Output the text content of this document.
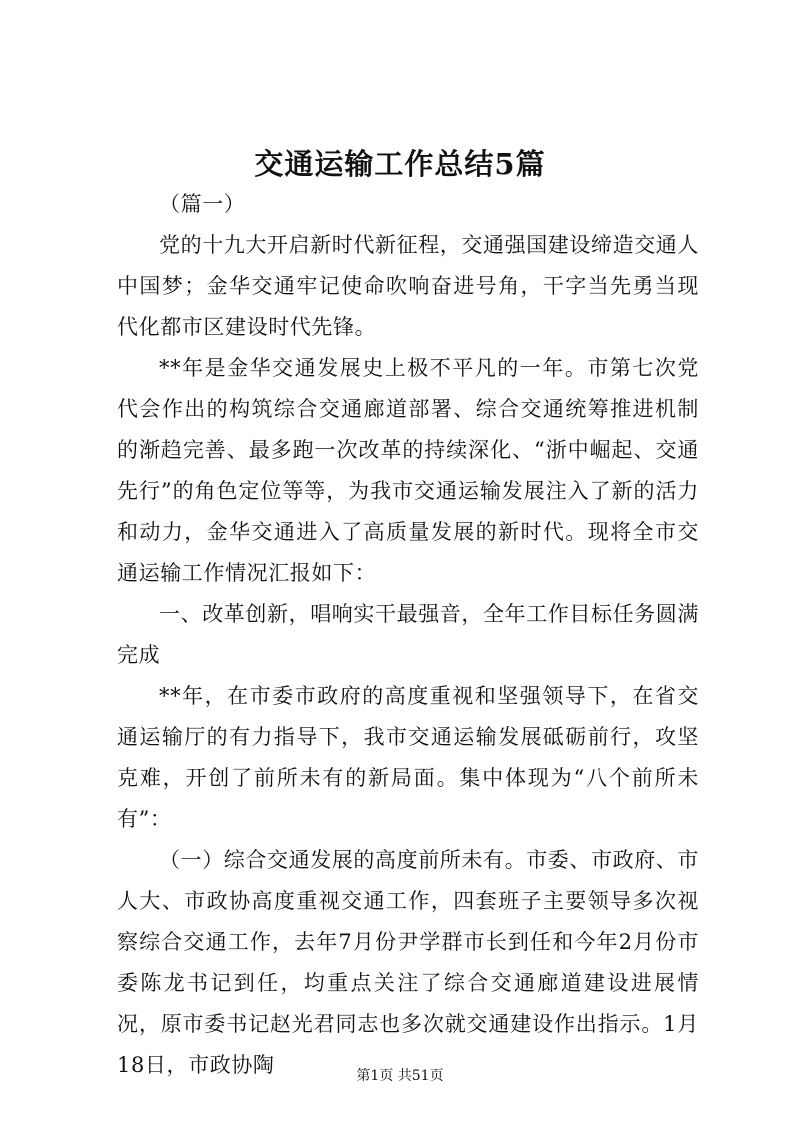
交通运输工作总结5篇

（篇一）

党的十九大开启新时代新征程，交通强国建设缔造交通人中国梦；金华交通牢记使命吹响奋进号角，干字当先勇当现代化都市区建设时代先锋。

**年是金华交通发展史上极不平凡的一年。市第七次党代会作出的构筑综合交通廊道部署、综合交通统筹推进机制的渐趋完善、最多跑一次改革的持续深化、“浙中崛起、交通先行”的角色定位等等，为我市交通运输发展注入了新的活力和动力，金华交通进入了高质量发展的新时代。现将全市交通运输工作情况汇报如下：

一、改革创新，唱响实干最强音，全年工作目标任务圆满完成

**年，在市委市政府的高度重视和坚强领导下，在省交通运输厅的有力指导下，我市交通运输发展砥砺前行，攻坚克难，开创了前所未有的新局面。集中体现为“八个前所未有”：

（一）综合交通发展的高度前所未有。市委、市政府、市人大、市政协高度重视交通工作，四套班子主要领导多次视察综合交通工作，去年7月份尹学群市长到任和今年2月份市委陈龙书记到任，均重点关注了综合交通廊道建设进展情况，原市委书记赵光君同志也多次就交通建设作出指示。1月18日，市政协陶	第1页 共51页
